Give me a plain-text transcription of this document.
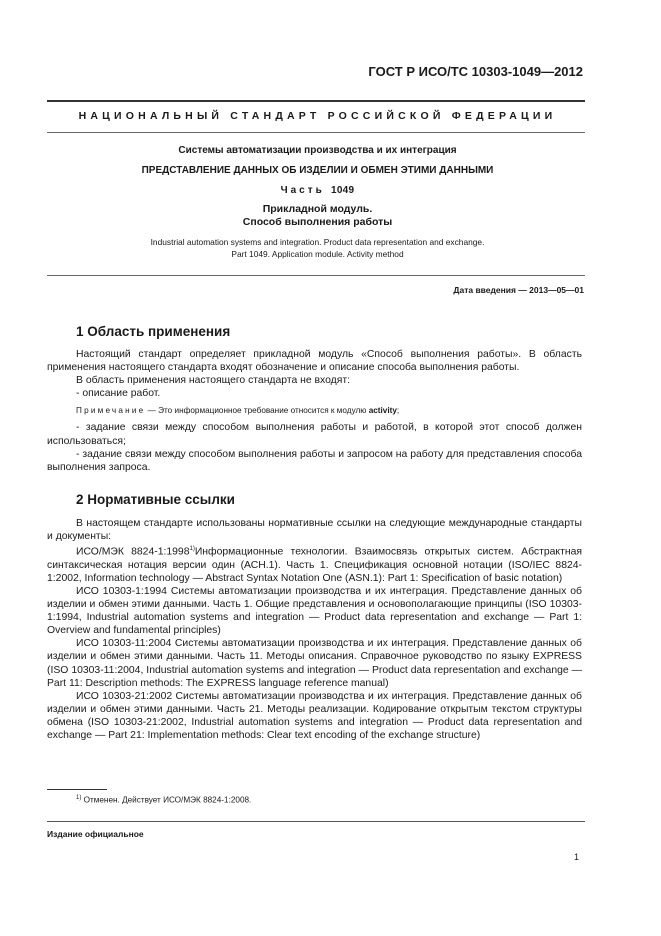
ГОСТ Р ИСО/ТС 10303-1049—2012
НАЦИОНАЛЬНЫЙ СТАНДАРТ РОССИЙСКОЙ ФЕДЕРАЦИИ
Системы автоматизации производства и их интеграция
ПРЕДСТАВЛЕНИЕ ДАННЫХ ОБ ИЗДЕЛИИ И ОБМЕН ЭТИМИ ДАННЫМИ
Часть 1049
Прикладной модуль.
Способ выполнения работы
Industrial automation systems and integration. Product data representation and exchange.
Part 1049. Application module. Activity method
Дата введения — 2013—05—01
1 Область применения

Настоящий стандарт определяет прикладной модуль «Способ выполнения работы». В область применения настоящего стандарта входят обозначение и описание способа выполнения работы.

В область применения настоящего стандарта не входят:

- описание работ.

Примечание — Это информационное требование относится к модулю activity;

- задание связи между способом выполнения работы и работой, в которой этот способ должен использоваться;

- задание связи между способом выполнения работы и запросом на работу для представления способа выполнения запроса.

2 Нормативные ссылки

В настоящем стандарте использованы нормативные ссылки на следующие международные стандарты и документы:

ИСО/МЭК 8824-1:1998$^{1)}$Информационные технологии. Взаимосвязь открытых систем. Абстрактная синтаксическая нотация версии один (АСН.1). Часть 1. Спецификация основной нотации (ISO/IEC 8824-1:2002, Information technology — Abstract Syntax Notation One (ASN.1): Part 1: Specification of basic notation)

ИСО 10303-1:1994 Системы автоматизации производства и их интеграция. Представление данных об изделии и обмен этими данными. Часть 1. Общие представления и основополагающие принципы (ISO 10303-1:1994, Industrial automation systems and integration — Product data representation and exchange — Part 1: Overview and fundamental principles)

ИСО 10303-11:2004 Системы автоматизации производства и их интеграция. Представление данных об изделии и обмен этими данными. Часть 11. Методы описания. Справочное руководство по языку EXPRESS (ISO 10303-11:2004, Industrial automation systems and integration — Product data representation and exchange — Part 11: Description methods: The EXPRESS language reference manual)

ИСО 10303-21:2002 Системы автоматизации производства и их интеграция. Представление данных об изделии и обмен этими данными. Часть 21. Методы реализации. Кодирование открытым текстом структуры обмена (ISO 10303-21:2002, Industrial automation systems and integration — Product data representation and exchange — Part 21: Implementation methods: Clear text encoding of the exchange structure)

$^{1)}$ Отменен. Действует ИСО/МЭК 8824-1:2008.
Издание официальное
1
